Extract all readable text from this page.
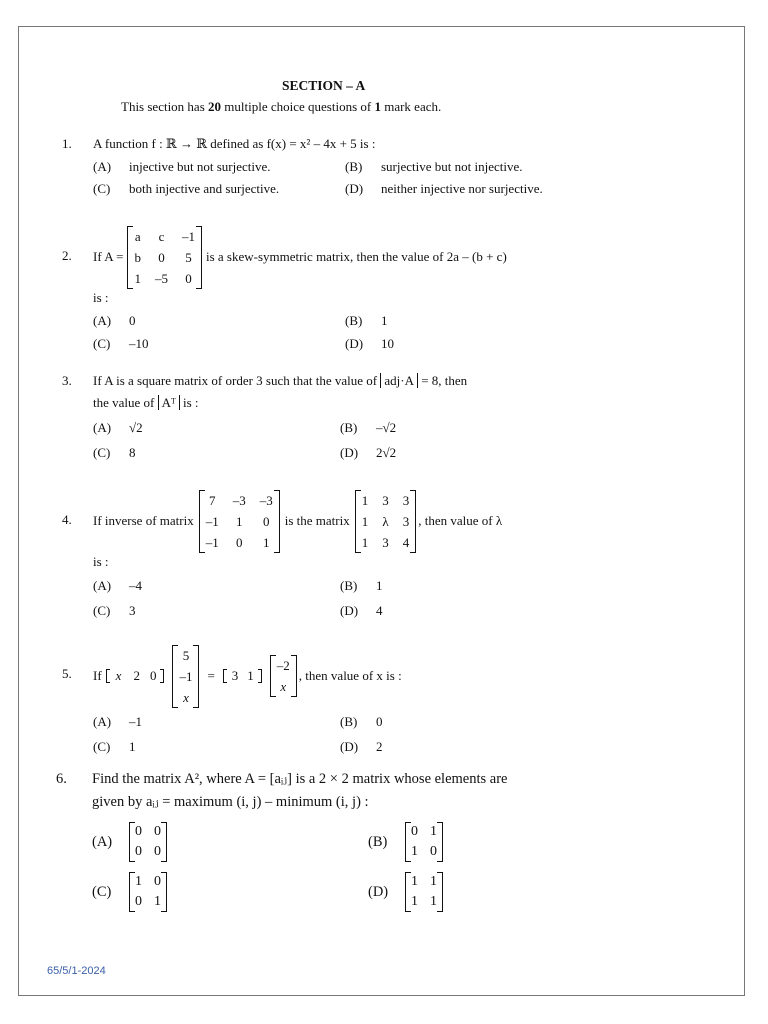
SECTION – A
This section has 20 multiple choice questions of 1 mark each.
1. A function f : ℝ → ℝ defined as f(x) = x² – 4x + 5 is :
(A) injective but not surjective.	(B) surjective but not injective.
(C) both injective and surjective.	(D) neither injective nor surjective.
2. If A =
a	c	–1
b	0	5
1	–5	0
is a skew-symmetric matrix, then the value of 2a – (b + c)
is :
(A) 0	(B) 1
(C) –10	(D) 10
3. If A is a square matrix of order 3 such that the value of adj·A = 8, then
the value of Aᵀ is :
(A) √2	(B) –√2
(C) 8	(D) 2√2
4. If inverse of matrix
7	–3	–3
–1	1	0
–1	0	1
is the matrix
1	3	3
1	λ	3
1	3	4
, then value of λ
is :
(A) –4	(B) 1
(C) 3	(D) 4
5. If	x 2 0
5
–1
x
=	3 1
–2
x
, then value of x is :
(A) –1	(B) 0
(C) 1	(D) 2
6. Find the matrix A², where A = [aᵢⱼ] is a 2 × 2 matrix whose elements are
given by aᵢⱼ = maximum (i, j) – minimum (i, j) :
(A)
0	0
0	0
(B)
0	1
1	0
(C)
1	0
0	1
(D)
1	1
1	1
65/5/1-2024
